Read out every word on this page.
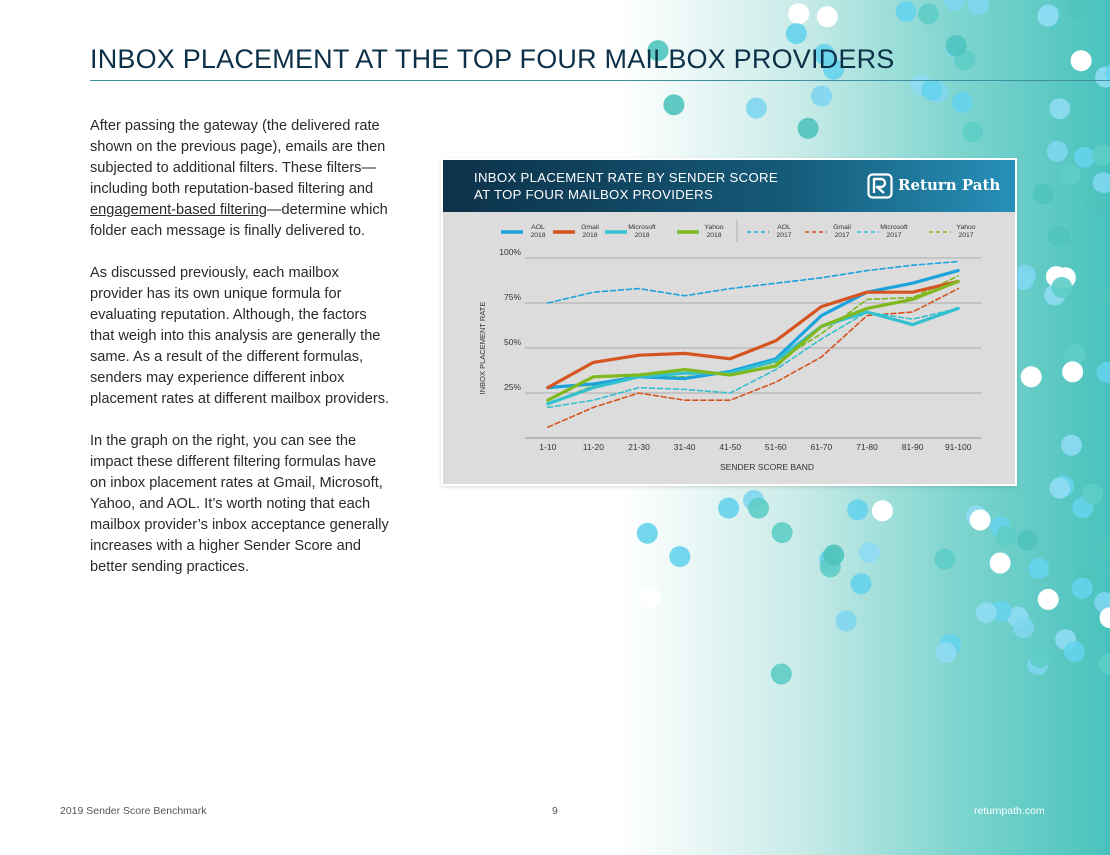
INBOX PLACEMENT AT THE TOP FOUR MAILBOX PROVIDERS

After passing the gateway (the delivered rate shown on the previous page), emails are then subjected to additional filters. These filters—including both reputation-based filtering and engagement-based filtering—determine which folder each message is finally delivered to.

As discussed previously, each mailbox provider has its own unique formula for evaluating reputation. Although, the factors that weigh into this analysis are generally the same. As a result of the different formulas, senders may experience different inbox placement rates at different mailbox providers.

In the graph on the right, you can see the impact these different filtering formulas have on inbox placement rates at Gmail, Microsoft, Yahoo, and AOL. It’s worth noting that each mailbox provider’s inbox acceptance generally increases with a higher Sender Score and better sending practices.

INBOX PLACEMENT RATE BY SENDER SCORE
AT TOP FOUR MAILBOX PROVIDERS
Return Path
25%
50%
75%
100%
1-10	11-20	21-30	31-40	41-50	51-60	61-70	71-80	81-90	91-100
SENDER SCORE BAND
INBOX PLACEMENT RATE
AOL
2018
Gmail
2018
Microsoft
2018
Yahoo
2018
AOL
2017
Gmail
2017
Microsoft
2017
Yahoo
2017
2019 Sender Score Benchmark	9	returnpath.com
